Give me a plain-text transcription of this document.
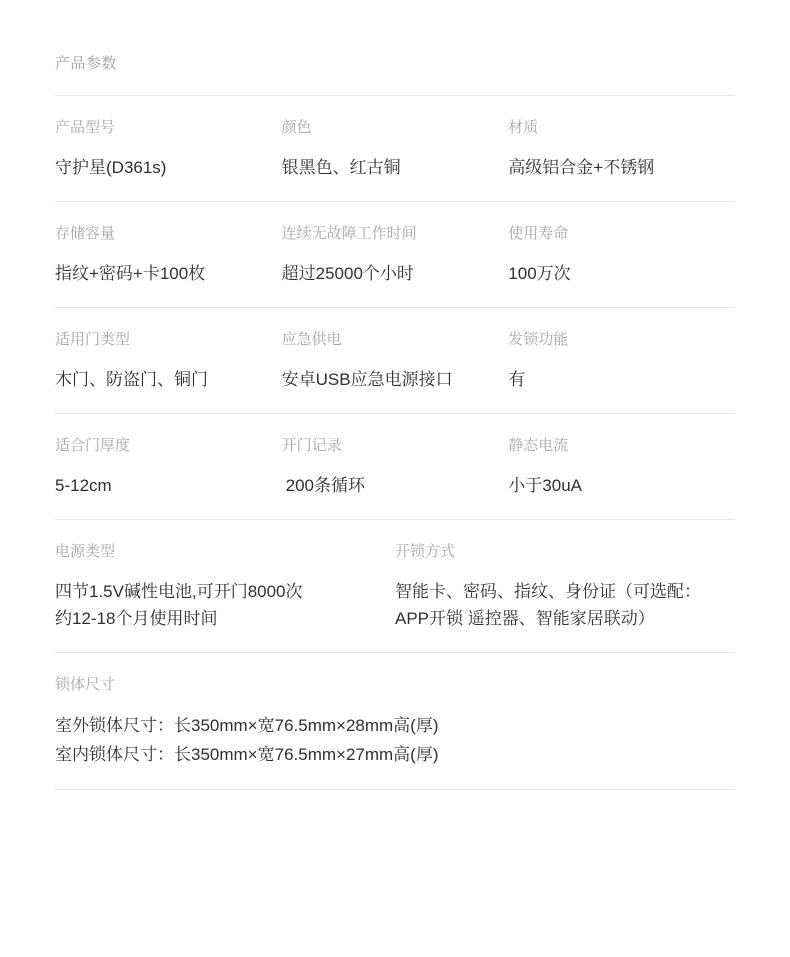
产品参数
产品型号
守护星(D361s)
颜色
银黑色、红古铜
材质
高级铝合金+不锈钢
存储容量
指纹+密码+卡100枚
连续无故障工作时间
超过25000个小时
使用寿命
100万次
适用门类型
木门、防盗门、铜门
应急供电
安卓USB应急电源接口
发锁功能
有
适合门厚度
5-12cm
开门记录
200条循环
静态电流
小于30uA
电源类型
四节1.5V碱性电池,可开门8000次
约12-18个月使用时间
开锁方式
智能卡、密码、指纹、身份证（可选配：
APP开锁 遥控器、智能家居联动）
锁体尺寸
室外锁体尺寸：长350mm×宽76.5mm×28mm高(厚)
室内锁体尺寸：长350mm×宽76.5mm×27mm高(厚)
